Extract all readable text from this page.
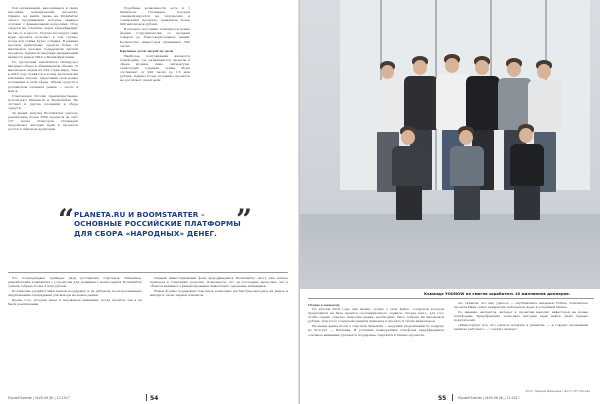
бои организации, находящиеся в своих выгодных коммерческих проектах. Однако, не найти также на Kickstarter своего продвижения которые заранее отложат с финансовыми вопросами. Сбор средств на стартапы через краудфандинг не так-то и просто. Портал исследует сама идею проекта получает в том случае, когда вся сумма будет собрана. В рамках проекта привлечено средств более 12 миллионов человек поддержали тысячи проектов. Одним из ведущих направлений является рынок США и Великобритании.

По прогнозам аналитиков (indiegogo) интернет-сборы в общемировом объеме 15 миллионов людей из 229 стран мира. Уже в 2016 году появятся к концу десятилетия ключевые игроки, представив свои новые коллекции в этой сфере. Объем средств в российском сегменте рынка — около 4 млн $.

Стартаперы России преимущественно используют Planeta.ru и Boomstarter. Не отстают и другие площадки в сборе средств.

За время запуска Boomstarter удалось реализовать более 3300 проектов за счёт 157 тысяч спонсоров. Площадки предлагают авторам идей и проектов доступ к широкой аудитории.

Подобные возможности есть и у Planeta.ru. Площадка, которая специализируется на творческих и социальных проектах, привлекла более 900 миллионов рублей.

В проекте постоянно появляются новые формы сотрудничества: от продажи товаров до благотворительных акций. Количество инвесторов превышает 500 тысяч.

Крупные доли людей не дали

Наиболее популярными являются платформы, где размещаются проекты в сфере музыки, кино, литературы, технологий. Средняя сумма сбора составляет от 200 тысяч до 1,5 млн рублей. Однако более половины проектов не достигают своей цели.

“ PLANETA.RU И BOOMSTARTER – ОСНОВНЫЕ РОССИЙСКИЕ ПЛАТФОРМЫ ДЛЯ СБОРА «НАРОДНЫХ» ДЕНЕГ. ”

Это подтверждают примеры ряда российских стартапов. Например, разработчики компактного устройства для домашнего мониторинга Boomstarter сумели собрать более 3 млн рублей.

Российские разработчики нашли поддержку и за рубежом, воспользовавшись зарубежными площадками для выхода на новые рынки.

Кроме того, история знает и неудачные кампании, когда проекты так и не были реализованы.

Первый инвестиционный фонд краудфандинга Boomstarter смогу уже вскоре привлечь к стартапам средства. Отмечается, что за последние несколько лет в области взаимного финансирования наметились серьёзные изменения.

Новые формы поддержки стартапов позволяют им быстрее выходить на рынок и находить своих первых клиентов.

Юрлай Бизнес | №05-06 (8) | 12.2017	54
Команда YOUNOW не смогла заработать 10 миллионов долларов.

Сборы к каждому

По итогам 2016 года, как можно судить о сети Kaboo, создатели которой предложили на базе проекта геолокационного сервиса. Скорее всего, для того чтобы сервис отвечал запросам рынка, необходимо было собрать 89 миллионов рублей. Для этого создатели решили привлечь к проекту 9 тысяч акционеров.

Не менее яркие итоги у стартапа Заметкин — ведущий уведомлений по подарку из Ботсурт — Bezrabaa. В условиях конкуренции платформ краудфандинга основное внимание уделяется поддержке стартапов и бизнес-проектов.

его таланты, что ему удалось — опубликовать интервью Forbes. Основатель проекта Иван сумел превратить небольшую идею в успешный бизнес.

По мнению экспертов, интерес к проектам наводит инвесторов на новые платформы. Краудфандинг позволяет авторам идей найти своих первых покупателей.

«Инвестирует всё, что удалось вложить в развитие, — и говорит вложенный капитал работает», — говорит эксперт.

Фото: Марина Ивановна / Фото: НП, Москва
55	Юрлай Бизнес | №05-06 (8) | 12.2017
